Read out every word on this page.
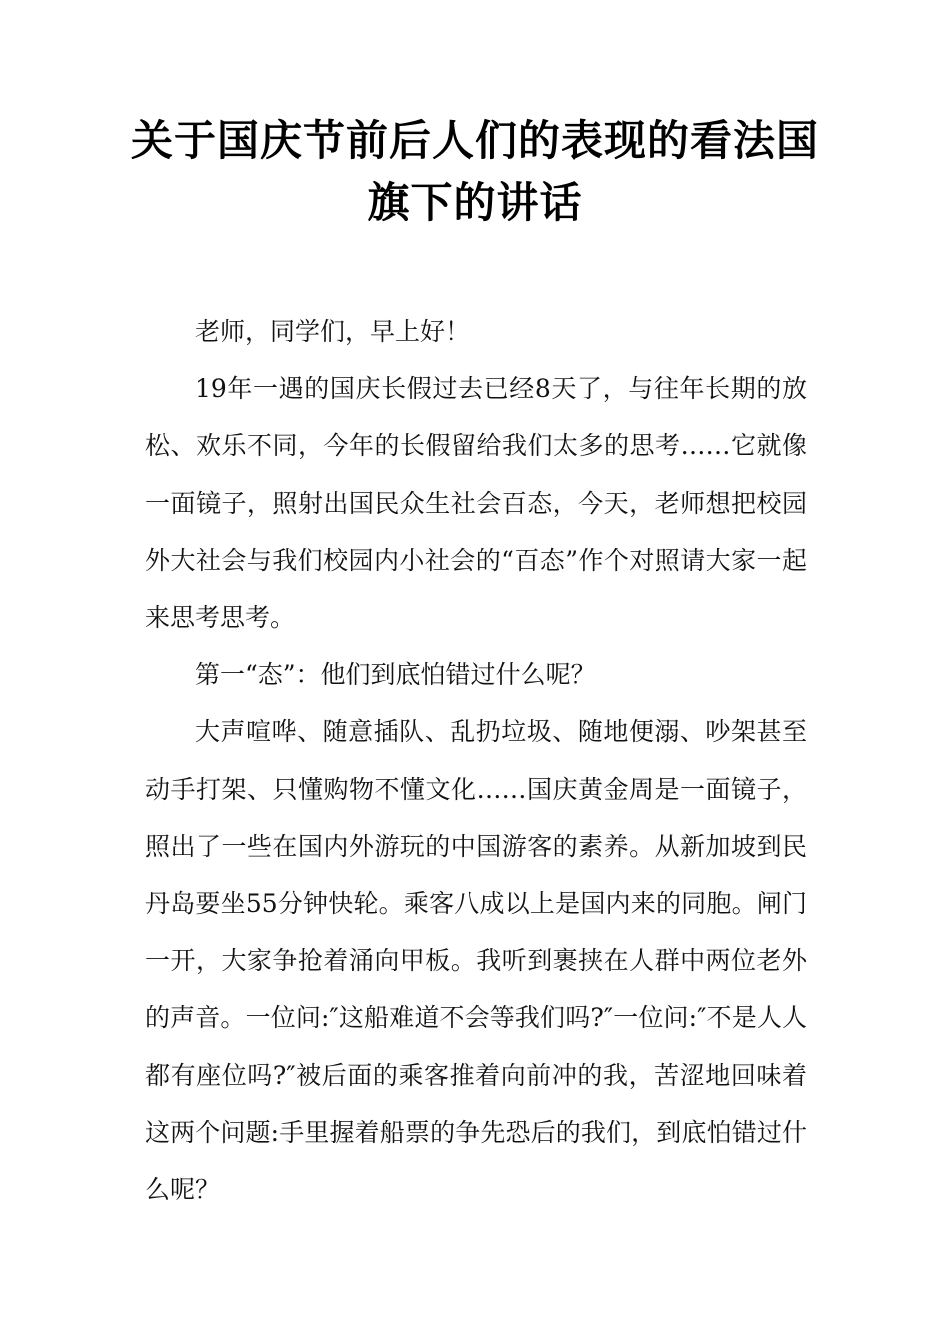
关于国庆节前后人们的表现的看法国旗下的讲话

老师，同学们，早上好！

19年一遇的国庆长假过去已经8天了，与往年长期的放松、欢乐不同，今年的长假留给我们太多的思考……它就像一面镜子，照射出国民众生社会百态，今天，老师想把校园外大社会与我们校园内小社会的“百态”作个对照请大家一起来思考思考。

第一“态”：他们到底怕错过什么呢？

大声喧哗、随意插队、乱扔垃圾、随地便溺、吵架甚至动手打架、只懂购物不懂文化……国庆黄金周是一面镜子，照出了一些在国内外游玩的中国游客的素养。从新加坡到民丹岛要坐55分钟快轮。乘客八成以上是国内来的同胞。闸门一开，大家争抢着涌向甲板。我听到裹挟在人群中两位老外的声音。一位问:″这船难道不会等我们吗?″一位问:″不是人人都有座位吗?″被后面的乘客推着向前冲的我，苦涩地回味着这两个问题:手里握着船票的争先恐后的我们，到底怕错过什么呢？
